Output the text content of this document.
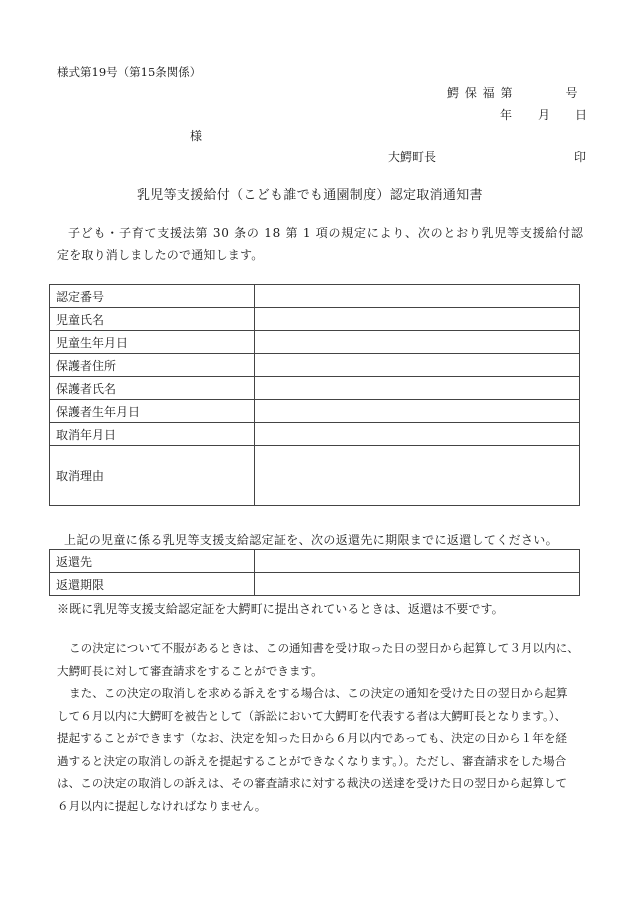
様式第19号（第15条関係）
鰐 保 福 第	号
年 月 日
様
大鰐町長	印
乳児等支援給付（こども誰でも通園制度）認定取消通知書
子ども・子育て支援法第 30 条の 18 第 1 項の規定により、次のとおり乳児等支援給付認
定を取り消しましたので通知します。
認定番号	
児童氏名	
児童生年月日	
保護者住所	
保護者氏名	
保護者生年月日	
取消年月日	
取消理由	
上記の児童に係る乳児等支援支給認定証を、次の返還先に期限までに返還してください。
返還先	
返還期限	
※既に乳児等支援支給認定証を大鰐町に提出されているときは、返還は不要です。
この決定について不服があるときは、この通知書を受け取った日の翌日から起算して３月以内に、
大鰐町長に対して審査請求をすることができます。
また、この決定の取消しを求める訴えをする場合は、この決定の通知を受けた日の翌日から起算
して６月以内に大鰐町を被告として（訴訟において大鰐町を代表する者は大鰐町長となります。）、
提起することができます（なお、決定を知った日から６月以内であっても、決定の日から１年を経
過すると決定の取消しの訴えを提起することができなくなります。）。ただし、審査請求をした場合
は、この決定の取消しの訴えは、その審査請求に対する裁決の送達を受けた日の翌日から起算して
６月以内に提起しなければなりません。
